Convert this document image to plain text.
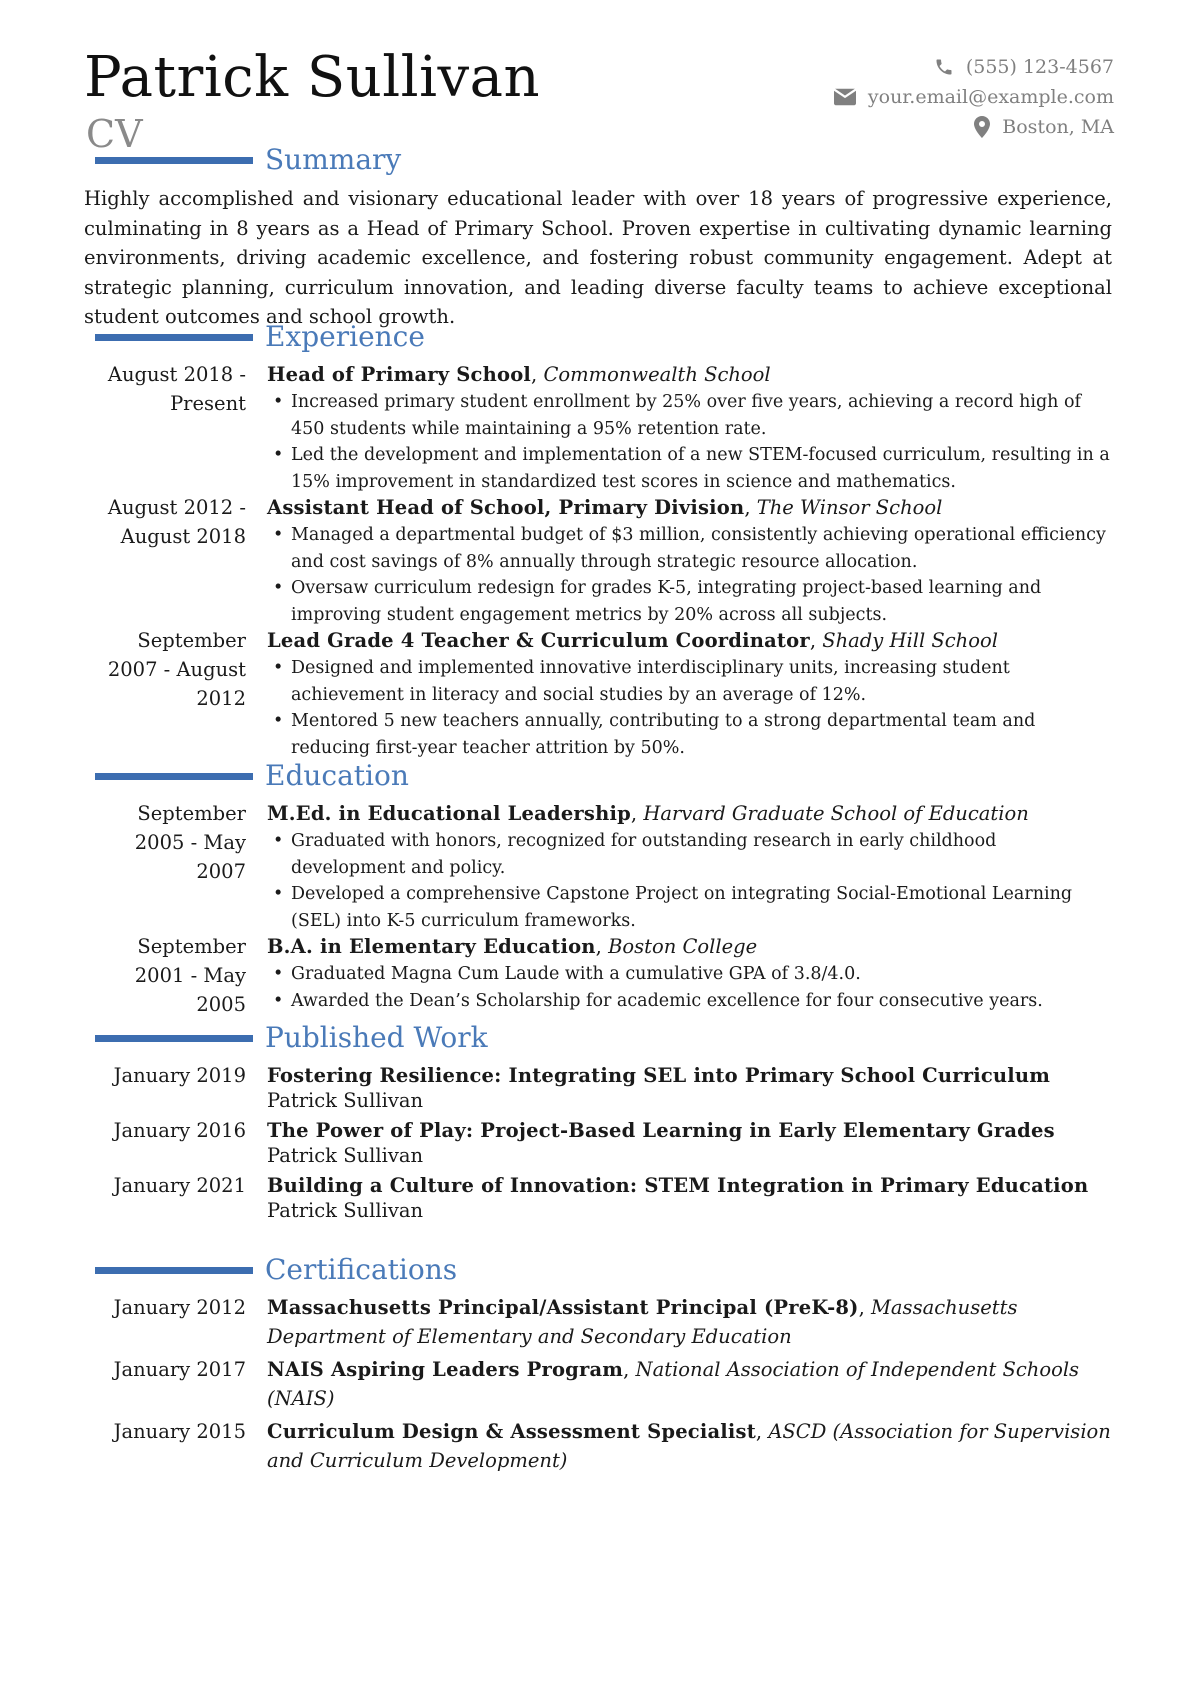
Patrick Sullivan
CV
(555) 123-4567
your.email@example.com
Boston, MA
Summary
Highly accomplished and visionary educational leader with over 18 years of progressive experience, culminating in 8 years as a Head of Primary School. Proven expertise in cultivating dynamic learning environments, driving academic excellence, and fostering robust community engagement. Adept at strategic planning, curriculum innovation, and leading diverse faculty teams to achieve exceptional student outcomes and school growth.
Experience
August 2018 - Present
Head of Primary School, Commonwealth School
• Increased primary student enrollment by 25% over five years, achieving a record high of 450 students while maintaining a 95% retention rate.
• Led the development and implementation of a new STEM-focused curriculum, resulting in a 15% improvement in standardized test scores in science and mathematics.
August 2012 - August 2018
Assistant Head of School, Primary Division, The Winsor School
• Managed a departmental budget of $3 million, consistently achieving operational efficiency and cost savings of 8% annually through strategic resource allocation.
• Oversaw curriculum redesign for grades K-5, integrating project-based learning and improving student engagement metrics by 20% across all subjects.
September 2007 - August 2012
Lead Grade 4 Teacher & Curriculum Coordinator, Shady Hill School
• Designed and implemented innovative interdisciplinary units, increasing student achievement in literacy and social studies by an average of 12%.
• Mentored 5 new teachers annually, contributing to a strong departmental team and reducing first-year teacher attrition by 50%.
Education
September 2005 - May 2007
M.Ed. in Educational Leadership, Harvard Graduate School of Education
• Graduated with honors, recognized for outstanding research in early childhood development and policy.
• Developed a comprehensive Capstone Project on integrating Social-Emotional Learning (SEL) into K-5 curriculum frameworks.
September 2001 - May 2005
B.A. in Elementary Education, Boston College
• Graduated Magna Cum Laude with a cumulative GPA of 3.8/4.0.
• Awarded the Dean’s Scholarship for academic excellence for four consecutive years.
Published Work
January 2019 Fostering Resilience: Integrating SEL into Primary School Curriculum
Patrick Sullivan
January 2016 The Power of Play: Project-Based Learning in Early Elementary Grades
Patrick Sullivan
January 2021 Building a Culture of Innovation: STEM Integration in Primary Education
Patrick Sullivan
Certifications
January 2012 Massachusetts Principal/Assistant Principal (PreK-8), Massachusetts Department of Elementary and Secondary Education
January 2017 NAIS Aspiring Leaders Program, National Association of Independent Schools (NAIS)
January 2015 Curriculum Design & Assessment Specialist, ASCD (Association for Supervision and Curriculum Development)
